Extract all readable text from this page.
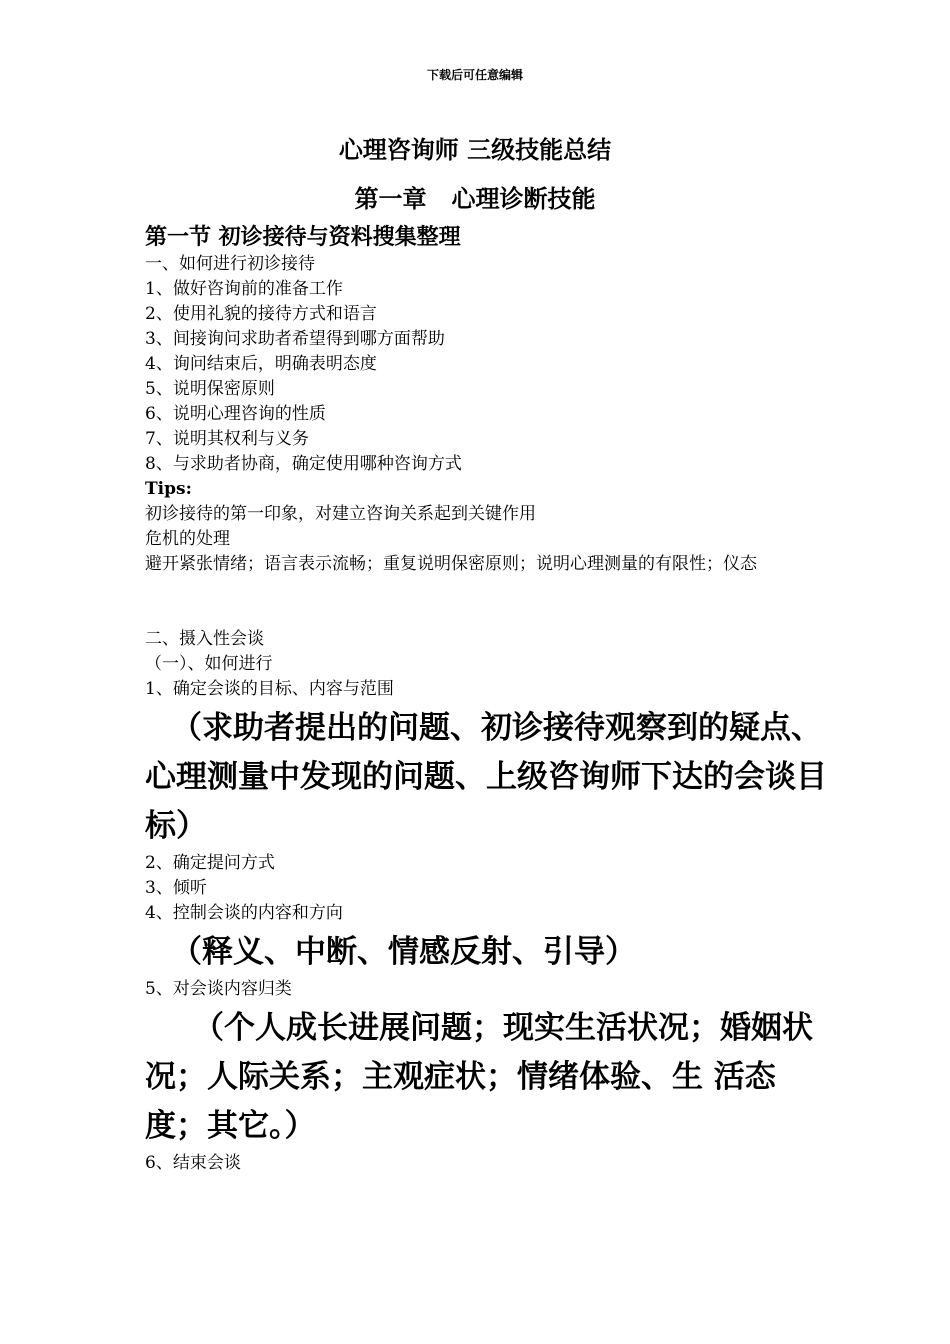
下载后可任意编辑
心理咨询师 三级技能总结
第一章   心理诊断技能

第一节 初诊接待与资料搜集整理

一、如何进行初诊接待

1、做好咨询前的准备工作

2、使用礼貌的接待方式和语言

3、间接询问求助者希望得到哪方面帮助

4、询问结束后，明确表明态度

5、说明保密原则

6、说明心理咨询的性质

7、说明其权利与义务

8、与求助者协商，确定使用哪种咨询方式

Tips:

初诊接待的第一印象，对建立咨询关系起到关键作用

危机的处理

避开紧张情绪；语言表示流畅；重复说明保密原则；说明心理测量的有限性；仪态

二、摄入性会谈

（一）、如何进行

1、确定会谈的目标、内容与范围

（求助者提出的问题、初诊接待观察到的疑点、心理测量中发现的问题、上级咨询师下达的会谈目标）

2、确定提问方式

3、倾听

4、控制会谈的内容和方向

（释义、中断、情感反射、引导）

5、对会谈内容归类

（个人成长进展问题；现实生活状况；婚姻状况；人际关系；主观症状；情绪体验、生 活态度；其它。）

6、结束会谈
